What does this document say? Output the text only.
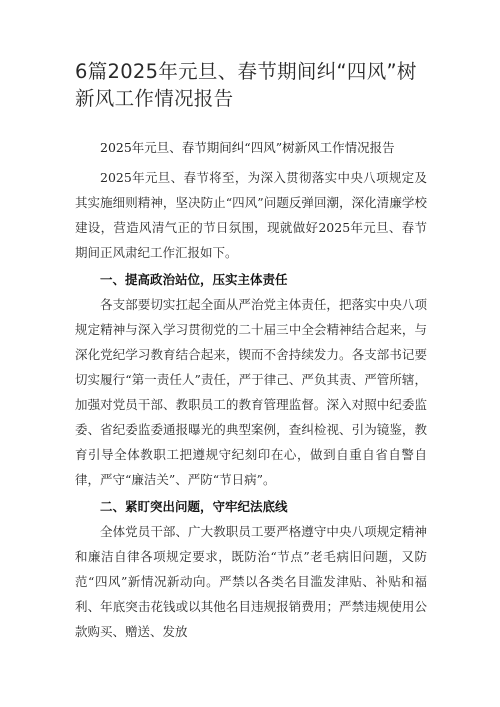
6篇2025年元旦、春节期间纠“四风”树新风工作情况报告
2025年元旦、春节期间纠“四风”树新风工作情况报告

2025年元旦、春节将至，为深入贯彻落实中央八项规定及其实施细则精神，坚决防止“四风”问题反弹回潮，深化清廉学校建设，营造风清气正的节日氛围，现就做好2025年元旦、春节期间正风肃纪工作汇报如下。

一、提高政治站位，压实主体责任

各支部要切实扛起全面从严治党主体责任，把落实中央八项规定精神与深入学习贯彻党的二十届三中全会精神结合起来，与深化党纪学习教育结合起来，锲而不舍持续发力。各支部书记要切实履行“第一责任人”责任，严于律己、严负其责、严管所辖，加强对党员干部、教职员工的教育管理监督。深入对照中纪委监委、省纪委监委通报曝光的典型案例，查纠检视、引为镜鉴，教育引导全体教职工把遵规守纪刻印在心，做到自重自省自警自律，严守“廉洁关”、严防“节日病”。

二、紧盯突出问题，守牢纪法底线

全体党员干部、广大教职员工要严格遵守中央八项规定精神和廉洁自律各项规定要求，既防治“节点”老毛病旧问题，又防范“四风”新情况新动向。严禁以各类名目滥发津贴、补贴和福利、年底突击花钱或以其他名目违规报销费用；严禁违规使用公款购买、赠送、发放
